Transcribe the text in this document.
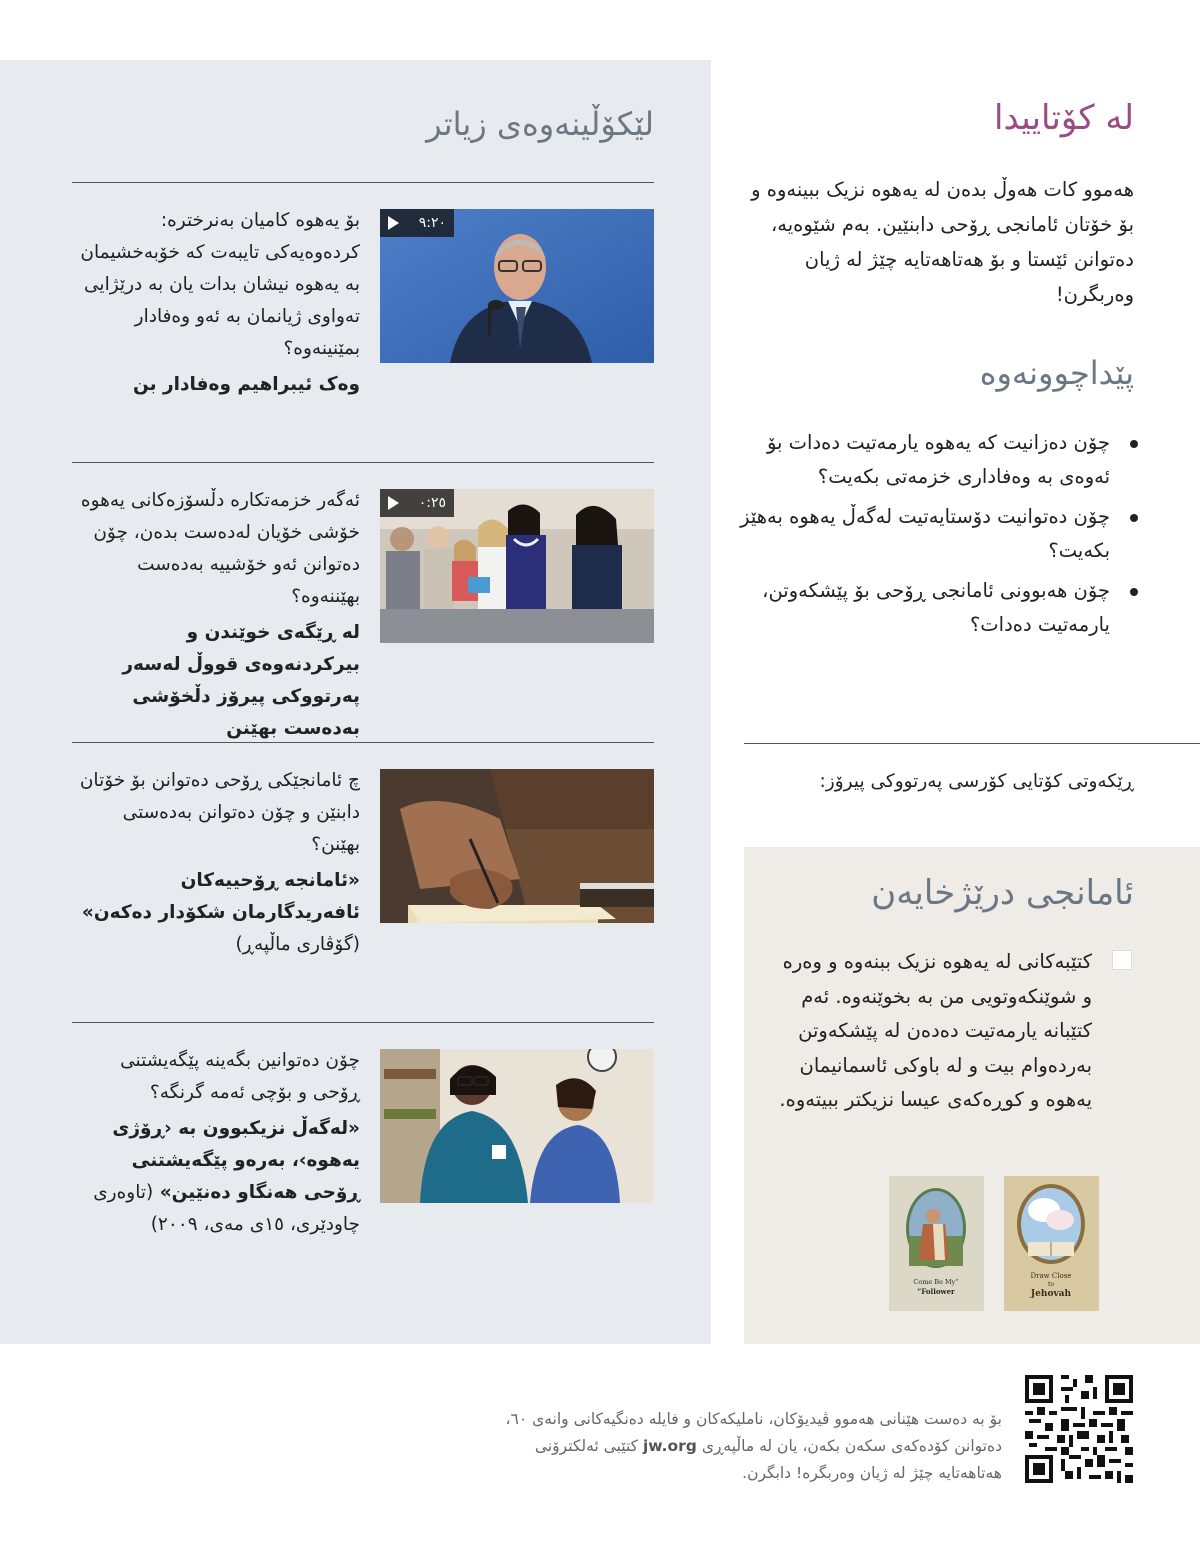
لێکۆڵینەوەی زیاتر
٩:٢٠
بۆ یەهوە کامیان بەنرختره: کردەوەیەکی تایبەت کە خۆبەخشیمان بە یەهوە نیشان بدات یان بە درێژایی تەواوی ژیانمان بە ئەو وەفادار بمێنینەوە؟
وەک ئیبراهیم وەفادار بن
٠:٢٥
ئەگەر خزمەتکارە دڵسۆزەکانی یەهوە خۆشی خۆیان لەدەست بدەن، چۆن دەتوانن ئەو خۆشییە بەدەست بهێننەوە؟
لە ڕێگەی خوێندن و بیرکردنەوەی قووڵ لەسەر پەرتووکی پیرۆز دڵخۆشی بەدەست بهێنن
چ ئامانجێکی ڕۆحی دەتوانن بۆ خۆتان دابنێن و چۆن دەتوانن بەدەستی بهێنن؟
«ئامانجە ڕۆحییەکان ئافەریدگارمان شکۆدار دەکەن» (گۆڤاری ماڵپەڕ)
چۆن دەتوانین بگەینە پێگەیشتنی ڕۆحی و بۆچی ئەمە گرنگە؟
«لەگەڵ نزیکبوون بە ‹ڕۆژی یەهوە›، بەرەو پێگەیشتنی ڕۆحی هەنگاو دەنێین» (تاوەری چاودێری، ١٥ی مەی، ٢٠٠٩)
لە کۆتاییدا

هەموو کات هەوڵ بدەن لە یەهوە نزیک ببینەوە و بۆ خۆتان ئامانجی ڕۆحی دابنێین. بەم شێوەیە، دەتوانن ئێستا و بۆ هەتاهەتایە چێژ لە ژیان وەربگرن!

پێداچوونەوە
چۆن دەزانیت کە یەهوە یارمەتیت دەدات بۆ ئەوەی بە وەفاداری خزمەتی بکەیت؟
چۆن دەتوانیت دۆستایەتیت لەگەڵ یەهوە بەهێز بکەیت؟
چۆن هەبوونی ئامانجی ڕۆحی بۆ پێشکەوتن، یارمەتیت دەدات؟

ڕێکەوتی کۆتایی کۆرسی پەرتووکی پیرۆز:

ئامانجی درێژخایەن

کتێبەکانی لە یەهوە نزیک ببنەوە و وەرە و شوێنکەوتویی من بە بخوێنەوە. ئەم کتێبانە یارمەتیت دەدەن لە پێشکەوتن بەردەوام بیت و لە باوکی ئاسمانیمان یەهوە و کوڕەکەی عیسا نزیکتر ببیتەوە.

Draw Close
to
Jehovah
“Come Be My
Follower”

بۆ بە دەست هێنانی هەموو ڤیدیۆکان، ناملیکەکان و فایلە دەنگیەکانی وانەی ٦٠، دەتوانن کۆدەکەی سکەن بکەن، یان لە ماڵپەڕی jw.org کتێبی ئەلکترۆنی هەتاهەتایە چێژ لە ژیان وەربگرە! دابگرن.
